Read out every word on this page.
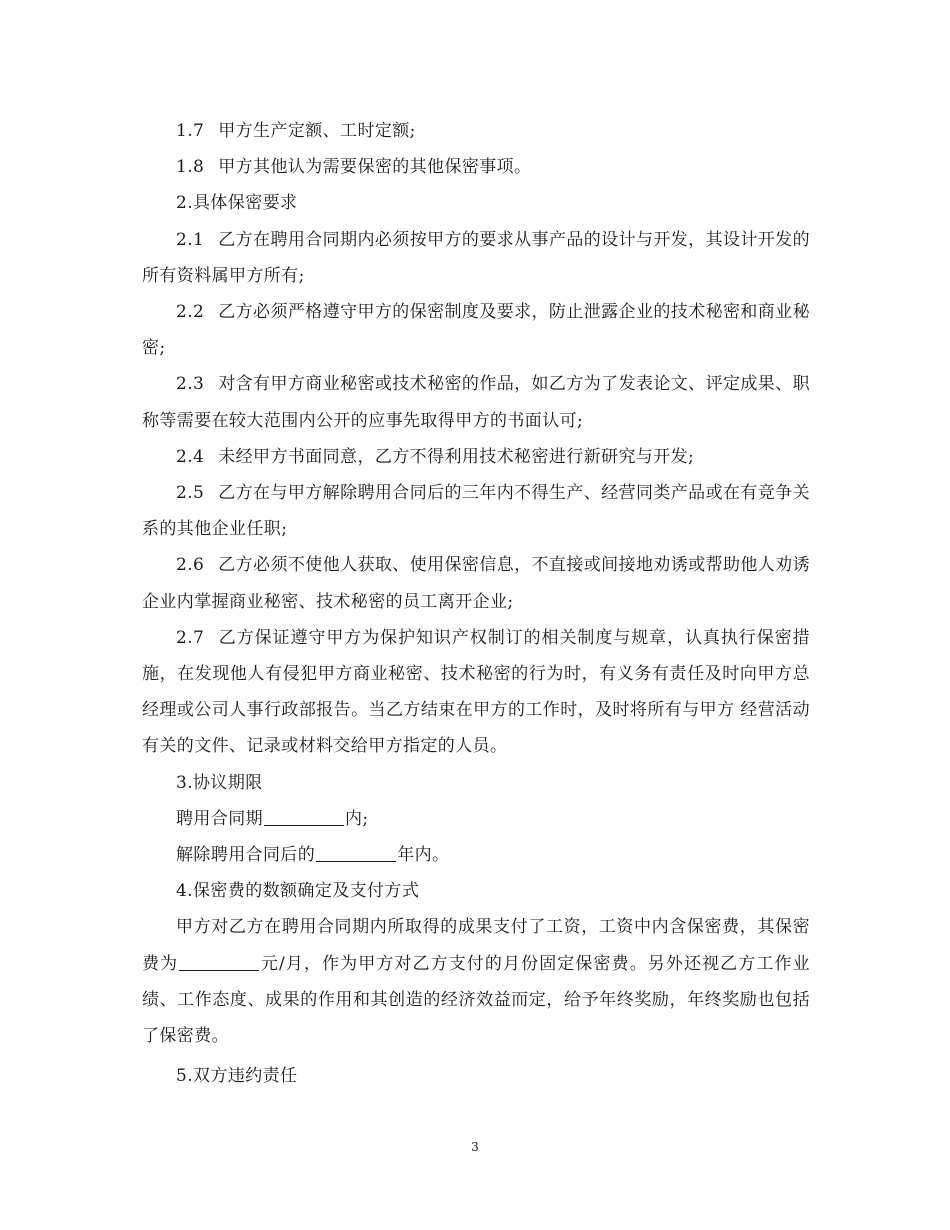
1.7 甲方生产定额、工时定额;

1.8 甲方其他认为需要保密的其他保密事项。

2.具体保密要求

2.1 乙方在聘用合同期内必须按甲方的要求从事产品的设计与开发，其设计开发的所有资料属甲方所有;

2.2 乙方必须严格遵守甲方的保密制度及要求，防止泄露企业的技术秘密和商业秘密;

2.3 对含有甲方商业秘密或技术秘密的作品，如乙方为了发表论文、评定成果、职称等需要在较大范围内公开的应事先取得甲方的书面认可;

2.4 未经甲方书面同意，乙方不得利用技术秘密进行新研究与开发;

2.5 乙方在与甲方解除聘用合同后的三年内不得生产、经营同类产品或在有竞争关系的其他企业任职;

2.6 乙方必须不使他人获取、使用保密信息，不直接或间接地劝诱或帮助他人劝诱企业内掌握商业秘密、技术秘密的员工离开企业;

2.7 乙方保证遵守甲方为保护知识产权制订的相关制度与规章，认真执行保密措施，在发现他人有侵犯甲方商业秘密、技术秘密的行为时，有义务有责任及时向甲方总经理或公司人事行政部报告。当乙方结束在甲方的工作时，及时将所有与甲方 经营活动有关的文件、记录或材料交给甲方指定的人员。

3.协议期限

聘用合同期	内;

解除聘用合同后的	年内。

4.保密费的数额确定及支付方式

甲方对乙方在聘用合同期内所取得的成果支付了工资，工资中内含保密费，其保密费为	元/月，作为甲方对乙方支付的月份固定保密费。另外还视乙方工作业绩、工作态度、成果的作用和其创造的经济效益而定，给予年终奖励，年终奖励也包括了保密费。

5.双方违约责任

3
